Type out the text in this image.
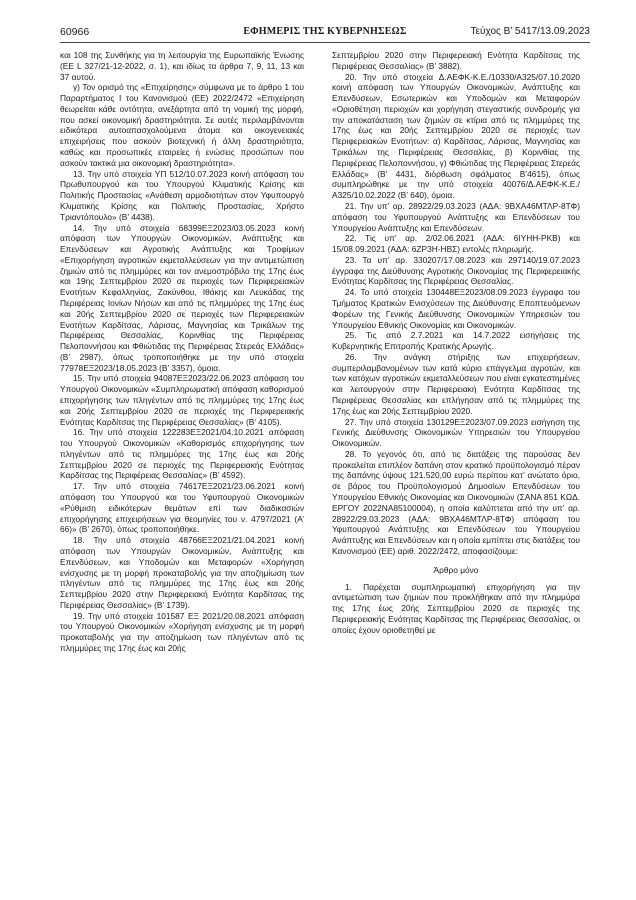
60966	ΕΦΗΜΕΡΙΣ ΤΗΣ ΚΥΒΕΡΝΗΣΕΩΣ	Τεύχος Β’ 5417/13.09.2023

και 108 της Συνθήκης για τη λειτουργία της Ευρωπαϊκής Ένωσης (ΕΕ L 327/21-12-2022, σ. 1), και ιδίως τα άρθρα 7, 9, 11, 13 και 37 αυτού.

γ) Τον ορισμό της «Επιχείρησης» σύμφωνα με το άρθρο 1 του Παραρτήματος I του Κανονισμού (ΕΕ) 2022/2472 «Επιχείρηση θεωρείται κάθε οντότητα, ανεξάρτητα από τη νομική της μορφή, που ασκεί οικονομική δραστηριότητα. Σε αυτές περιλαμβάνονται ειδικότερα αυτοαπασχολούμενα άτομα και οικογενειακές επιχειρήσεις που ασκούν βιοτεχνική ή άλλη δραστηριότητα, καθώς και προσωπικές εταιρείες ή ενώσεις προσώπων που ασκούν τακτικά μια οικονομική δραστηριότητα».

13. Την υπό στοιχεία ΥΠ 512/10.07.2023 κοινή απόφαση του Πρωθυπουργού και του Υπουργού Κλιματικής Κρίσης και Πολιτικής Προστασίας «Ανάθεση αρμοδιοτήτων στον Υφυπουργό Κλιματικής Κρίσης και Πολιτικής Προστασίας, Χρήστο Τριαντόπουλο» (Β’ 4438).

14. Την υπό στοιχεία 68399ΕΞ2023/03.05.2023 κοινή απόφαση των Υπουργών Οικονομικών, Ανάπτυξης και Επενδύσεων και Αγροτικής Ανάπτυξης και Τροφίμων «Επιχορήγηση αγροτικών εκμεταλλεύσεων για την αντιμετώπιση ζημιών από τις πλημμύρες και τον ανεμοστρόβιλο της 17ης έως και 19ης Σεπτεμβρίου 2020 σε περιοχές των Περιφερειακών Ενοτήτων Κεφαλληνίας, Ζακύνθου, Ιθάκης και Λευκάδας της Περιφέρειας Ιονίων Νήσων και από τις πλημμύρες της 17ης έως και 20ής Σεπτεμβρίου 2020 σε περιοχές των Περιφερειακών Ενοτήτων Καρδίτσας, Λάρισας, Μαγνησίας και Τρικάλων της Περιφέρειας Θεσσαλίας, Κορινθίας της Περιφέρειας Πελοποννήσου και Φθιώτιδας της Περιφέρειας Στερεάς Ελλάδας» (Β’ 2987), όπως τροποποιήθηκε με την υπό στοιχεία 77978ΕΞ2023/18.05.2023 (Β’ 3357), όμοια.

15. Την υπό στοιχεία 94087ΕΞ2023/22.06.2023 απόφαση του Υπουργού Οικονομικών «Συμπληρωματική απόφαση καθορισμού επιχορήγησης των πληγέντων από τις πλημμύρες της 17ης έως και 20ής Σεπτεμβρίου 2020 σε περιοχές της Περιφερειακής Ενότητας Καρδίτσας της Περιφέρειας Θεσσαλίας» (Β’ 4105).

16. Την υπό στοιχεία 122283ΕΞ2021/04.10.2021 απόφαση του Υπουργού Οικονομικών «Καθορισμός επιχορήγησης των πληγέντων από τις πλημμύρες της 17ης έως και 20ής Σεπτεμβρίου 2020 σε περιοχές της Περιφερειακής Ενότητας Καρδίτσας της Περιφέρειας Θεσσαλίας» (Β’ 4592).

17. Την υπό στοιχεία 74617ΕΞ2021/23.06.2021 κοινή απόφαση του Υπουργού και του Υφυπουργού Οικονομικών «Ρύθμιση ειδικότερων θεμάτων επί των διαδικασιών επιχορήγησης επιχειρήσεων για θεομηνίες του ν. 4797/2021 (Α’ 66)» (Β’ 2670), όπως τροποποιήθηκε.

18. Την υπό στοιχεία 48766ΕΞ2021/21.04.2021 κοινή απόφαση των Υπουργών Οικονομικών, Ανάπτυξης και Επενδύσεων, και Υποδομών και Μεταφορών «Χορήγηση ενίσχυσης με τη μορφή προκαταβολής για την αποζημίωση των πληγέντων από τις πλημμύρες της 17ης έως και 20ής Σεπτεμβρίου 2020 στην Περιφερειακή Ενότητα Καρδίτσας της Περιφέρειας Θεσσαλίας» (Β’ 1739).

19. Την υπό στοιχεία 101587 ΕΞ 2021/20.08.2021 απόφαση του Υπουργού Οικονομικών «Χορήγηση ενίσχυσης με τη μορφή προκαταβολής για την αποζημίωση των πληγέντων από τις πλημμύρες της 17ης έως και 20ής

Σεπτεμβρίου 2020 στην Περιφερειακή Ενότητα Καρδίτσας της Περιφέρειας Θεσσαλίας» (Β’ 3882).

20. Την υπό στοιχεία Δ.ΑΕΦΚ-Κ.Ε./10330/Α325/07.10.2020 κοινή απόφαση των Υπουργών Οικονομικών, Ανάπτυξης και Επενδύσεων, Εσωτερικών και Υποδομών και Μεταφορών «Οριοθέτηση περιοχών και χορήγηση στεγαστικής συνδρομής για την αποκατάσταση των ζημιών σε κτίρια από τις πλημμύρες της 17ης έως και 20ής Σεπτεμβρίου 2020 σε περιοχές των Περιφερειακών Ενοτήτων: α) Καρδίτσας, Λάρισας, Μαγνησίας και Τρικάλων της Περιφέρειας Θεσσαλίας, β) Κορινθίας της Περιφέρειας Πελοποννήσου, γ) Φθιώτιδας της Περιφέρειας Στερεάς Ελλάδας» (Β’ 4431, διόρθωση σφάλματος Β’4615), όπως συμπληρώθηκε με την υπό στοιχεία 40076/Δ.ΑΕΦΚ-Κ.Ε./Α325/10.02.2022 (Β’ 640), όμοια.

21. Την υπ’ αρ. 28922/29.03.2023 (ΑΔΑ: 9ΒΧΑ46ΜΤΛΡ-8ΤΦ) απόφαση του Υφυπουργού Ανάπτυξης και Επενδύσεων του Υπουργείου Ανάπτυξης και Επενδύσεων.

22. Τις υπ’ αρ. 2/02.06.2021 (ΑΔΑ: 6ΙΥΗΗ-ΡΚΒ) και 15/08.09.2021 (ΑΔΑ: 6ΖΡ3Η-ΗΒΣ) εντολές πληρωμής.

23. Τα υπ’ αρ. 330207/17.08.2023 και 297140/19.07.2023 έγγραφα της Διεύθυνσης Αγροτικής Οικονομίας της Περιφερειακής Ενότητας Καρδίτσας της Περιφέρειας Θεσσαλίας.

24. Το υπό στοιχεία 130448ΕΞ2023/08.09.2023 έγγραφο του Τμήματος Κρατικών Ενισχύσεων της Διεύθυνσης Εποπτευόμενων Φορέων της Γενικής Διεύθυνσης Οικονομικών Υπηρεσιών του Υπουργείου Εθνικής Οικονομίας και Οικονομικών.

25. Τις από 2.7.2021 και 14.7.2022 εισηγήσεις της Κυβερνητικής Επιτροπής Κρατικής Αρωγής.

26. Την ανάγκη στήριξης των επιχειρήσεων, συμπεριλαμβανομένων των κατά κύριο επάγγελμα αγροτών, και των κατόχων αγροτικών εκμεταλλεύσεων που είναι εγκατεστημένες και λειτουργούν στην Περιφερειακή Ενότητα Καρδίτσας της Περιφέρειας Θεσσαλίας και επλήγησαν από τις πλημμύρες της 17ης έως και 20ής Σεπτεμβρίου 2020.

27. Την υπό στοιχεία 130129ΕΞ2023/07.09.2023 εισήγηση της Γενικής Διεύθυνσης Οικονομικών Υπηρεσιών του Υπουργείου Οικονομικών.

28. Το γεγονός ότι, από τις διατάξεις της παρούσας δεν προκαλείται επιπλέον δαπάνη στον κρατικό προϋπολογισμό πέραν της δαπάνης ύψους 121.520,00 ευρώ περίπου κατ’ ανώτατο όριο, σε βάρος του Προϋπολογισμού Δημοσίων Επενδύσεων του Υπουργείου Εθνικής Οικονομίας και Οικονομικών (ΣΑΝΑ 851 ΚΩΔ. ΕΡΓΟΥ 2022ΝΑ85100004), η οποία καλύπτεται από την υπ’ αρ. 28922/29.03.2023 (ΑΔΑ: 9ΒΧΑ46ΜΤΛΡ-8ΤΦ) απόφαση του Υφυπουργού Ανάπτυξης και Επενδύσεων του Υπουργείου Ανάπτυξης και Επενδύσεων και η οποία εμπίπτει στις διατάξεις του Κανονισμού (ΕΕ) αριθ. 2022/2472, αποφασίζουμε:

Άρθρο μόνο

1. Παρέχεται συμπληρωματική επιχορήγηση για την αντιμετώπιση των ζημιών που προκλήθηκαν από την πλημμύρα της 17ης έως 20ής Σεπτεμβρίου 2020 σε περιοχές της Περιφερειακής Ενότητας Καρδίτσας της Περιφέρειας Θεσσαλίας, οι οποίες έχουν οριοθετηθεί με
